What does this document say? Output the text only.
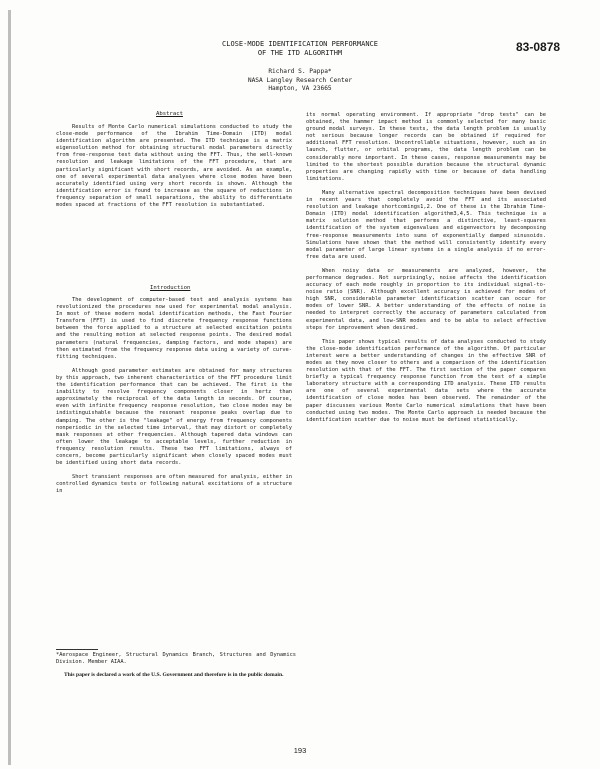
83-0878
CLOSE-MODE IDENTIFICATION PERFORMANCE
OF THE ITD ALGORITHM
Richard S. Pappa*
NASA Langley Research Center
Hampton, VA 23665
Abstract

Results of Monte Carlo numerical simulations conducted to study the close-mode performance of the Ibrahim Time-Domain (ITD) modal identification algorithm are presented. The ITD technique is a matrix eigensolution method for obtaining structural modal parameters directly from free-response test data without using the FFT. Thus, the well-known resolution and leakage limitations of the FFT procedure, that are particularly significant with short records, are avoided. As an example, one of several experimental data analyses where close modes have been accurately identified using very short records is shown. Although the identification error is found to increase as the square of reductions in frequency separation of small separations, the ability to differentiate modes spaced at fractions of the FFT resolution is substantiated.

Introduction

The development of computer-based test and analysis systems has revolutionized the procedures now used for experimental modal analysis. In most of these modern modal identification methods, the Fast Fourier Transform (FFT) is used to find discrete frequency response functions between the force applied to a structure at selected excitation points and the resulting motion at selected response points. The desired modal parameters (natural frequencies, damping factors, and mode shapes) are then estimated from the frequency response data using a variety of curve-fitting techniques.

Although good parameter estimates are obtained for many structures by this approach, two inherent characteristics of the FFT procedure limit the identification performance that can be achieved. The first is the inability to resolve frequency components closer in hertz than approximately the reciprocal of the data length in seconds. Of course, even with infinite frequency response resolution, two close modes may be indistinguishable because the resonant response peaks overlap due to damping. The other is the "leakage" of energy from frequency components nonperiodic in the selected time interval, that may distort or completely mask responses at other frequencies. Although tapered data windows can often lower the leakage to acceptable levels, further reduction in frequency resolution results. These two FFT limitations, always of concern, become particularly significant when closely spaced modes must be identified using short data records.

Short transient responses are often measured for analysis, either in controlled dynamics tests or following natural excitations of a structure in

*Aerospace Engineer, Structural Dynamics Branch, Structures and Dynamics Division. Member AIAA.
This paper is declared a work of the U.S. Government and therefore is in the public domain.

its normal operating environment. If appropriate "drop tests" can be obtained, the hammer impact method is commonly selected for many basic ground modal surveys. In these tests, the data length problem is usually not serious because longer records can be obtained if required for additional FFT resolution. Uncontrollable situations, however, such as in launch, flutter, or orbital programs, the data length problem can be considerably more important. In these cases, response measurements may be limited to the shortest possible duration because the structural dynamic properties are changing rapidly with time or because of data handling limitations.

Many alternative spectral decomposition techniques have been devised in recent years that completely avoid the FFT and its associated resolution and leakage shortcomings1,2. One of these is the Ibrahim Time-Domain (ITD) modal identification algorithm3,4,5. This technique is a matrix solution method that performs a distinctive, least-squares identification of the system eigenvalues and eigenvectors by decomposing free-response measurements into sums of exponentially damped sinusoids. Simulations have shown that the method will consistently identify every modal parameter of large linear systems in a single analysis if no error-free data are used.

When noisy data or measurements are analyzed, however, the performance degrades. Not surprisingly, noise affects the identification accuracy of each mode roughly in proportion to its individual signal-to-noise ratio (SNR). Although excellent accuracy is achieved for modes of high SNR, considerable parameter identification scatter can occur for modes of lower SNR. A better understanding of the effects of noise is needed to interpret correctly the accuracy of parameters calculated from experimental data, and low-SNR modes and to be able to select effective steps for improvement when desired.

This paper shows typical results of data analyses conducted to study the close-mode identification performance of the algorithm. Of particular interest were a better understanding of changes in the effective SNR of modes as they move closer to others and a comparison of the identification resolution with that of the FFT. The first section of the paper compares briefly a typical frequency response function from the test of a simple laboratory structure with a corresponding ITD analysis. These ITD results are one of several experimental data sets where the accurate identification of close modes has been observed. The remainder of the paper discusses various Monte Carlo numerical simulations that have been conducted using two modes. The Monte Carlo approach is needed because the identification scatter due to noise must be defined statistically.

193
